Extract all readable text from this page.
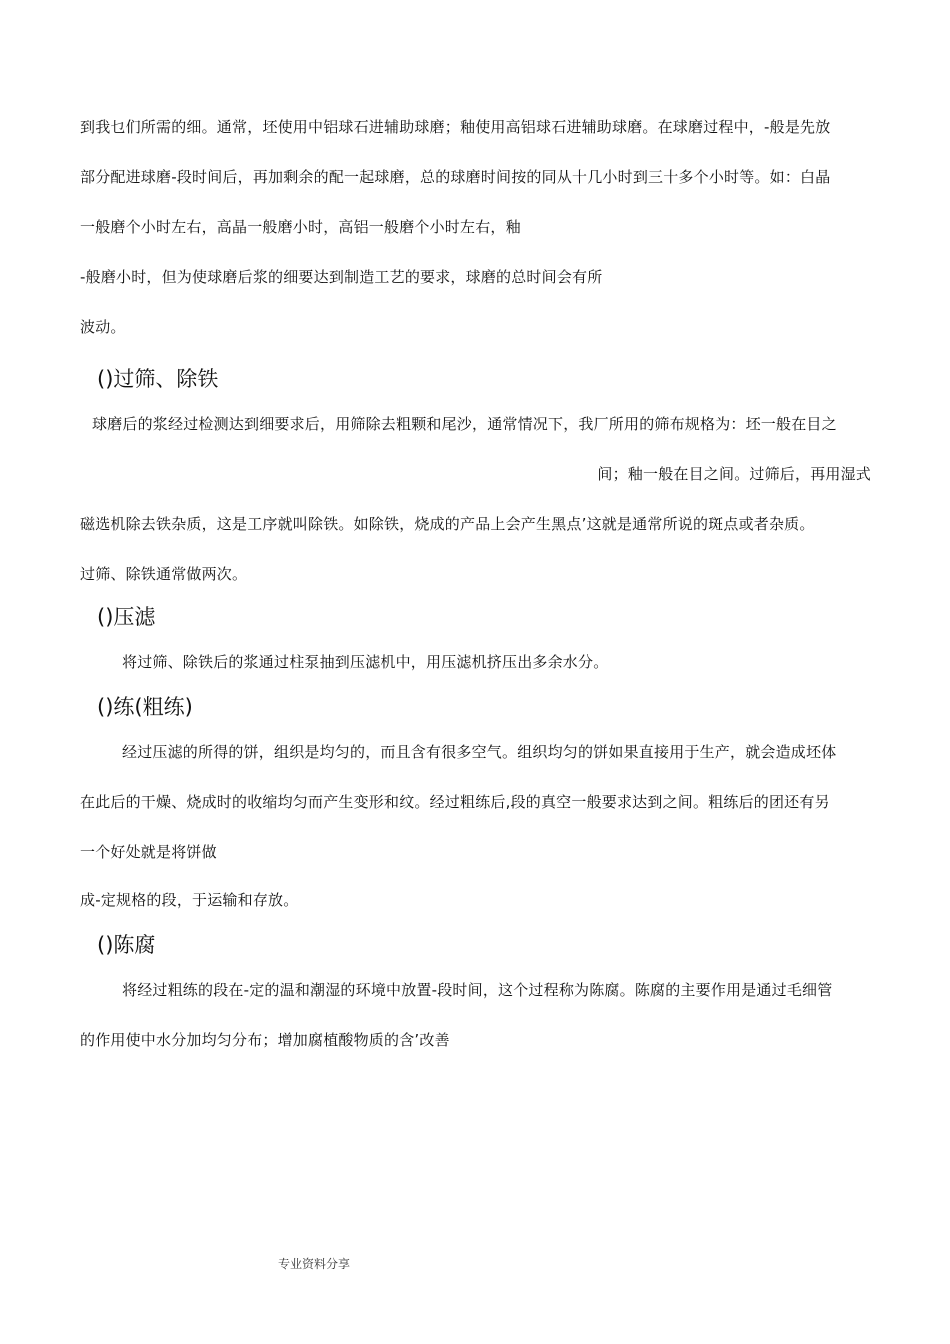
到我乜们所需的细。通常，坯使用中铝球石进辅助球磨；釉使用高铝球石进辅助球磨。在球磨过程中，-般是先放
部分配进球磨-段时间后，再加剩余的配一起球磨，总的球磨时间按的同从十几小时到三十多个小时等。如：白晶
一般磨个小时左右，高晶一般磨小时，高铝一般磨个小时左右，釉
-般磨小时，但为使球磨后浆的细要达到制造工艺的要求，球磨的总时间会有所
波动。
()过筛、除铁
球磨后的浆经过检测达到细要求后，用筛除去粗颗和尾沙，通常情况下，我厂所用的筛布规格为：坯一般在目之
间；釉一般在目之间。过筛后，再用湿式
磁选机除去铁杂质，这是工序就叫除铁。如除铁，烧成的产品上会产生黑点’这就是通常所说的斑点或者杂质。
过筛、除铁通常做两次。
()压滤
将过筛、除铁后的浆通过柱泵抽到压滤机中，用压滤机挤压出多余水分。
()练(粗练)
经过压滤的所得的饼，组织是均匀的，而且含有很多空气。组织均匀的饼如果直接用于生产，就会造成坯体
在此后的干燥、烧成时的收缩均匀而产生变形和纹。经过粗练后,段的真空一般要求达到之间。粗练后的团还有另
一个好处就是将饼做
成-定规格的段，于运输和存放。
()陈腐
将经过粗练的段在-定的温和潮湿的环境中放置-段时间，这个过程称为陈腐。陈腐的主要作用是通过毛细管
的作用使中水分加均匀分布；增加腐植酸物质的含’改善
专业资料分享
